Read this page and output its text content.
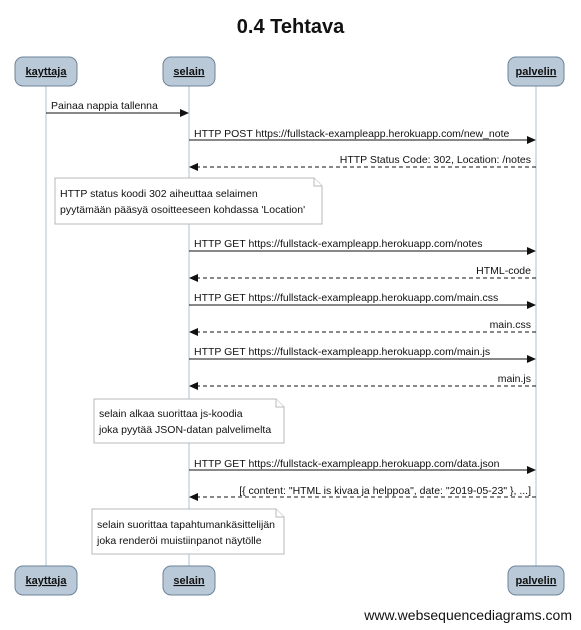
0.4 Tehtava
kayttaja	selain	palvelin
Painaa nappia tallenna
HTTP POST https://fullstack-exampleapp.herokuapp.com/new_note
HTTP Status Code: 302, Location: /notes
HTTP status koodi 302 aiheuttaa selaimen
pyytämään pääsyä osoitteeseen kohdassa 'Location'
HTTP GET https://fullstack-exampleapp.herokuapp.com/notes
HTML-code
HTTP GET https://fullstack-exampleapp.herokuapp.com/main.css
main.css
HTTP GET https://fullstack-exampleapp.herokuapp.com/main.js
main.js
selain alkaa suorittaa js-koodia
joka pyytää JSON-datan palvelimelta
HTTP GET https://fullstack-exampleapp.herokuapp.com/data.json
[{ content: "HTML is kivaa ja helppoa", date: "2019-05-23" }, ...]
selain suorittaa tapahtumankäsittelijän
joka renderöi muistiinpanot näytölle
kayttaja	selain	palvelin
www.websequencediagrams.com
